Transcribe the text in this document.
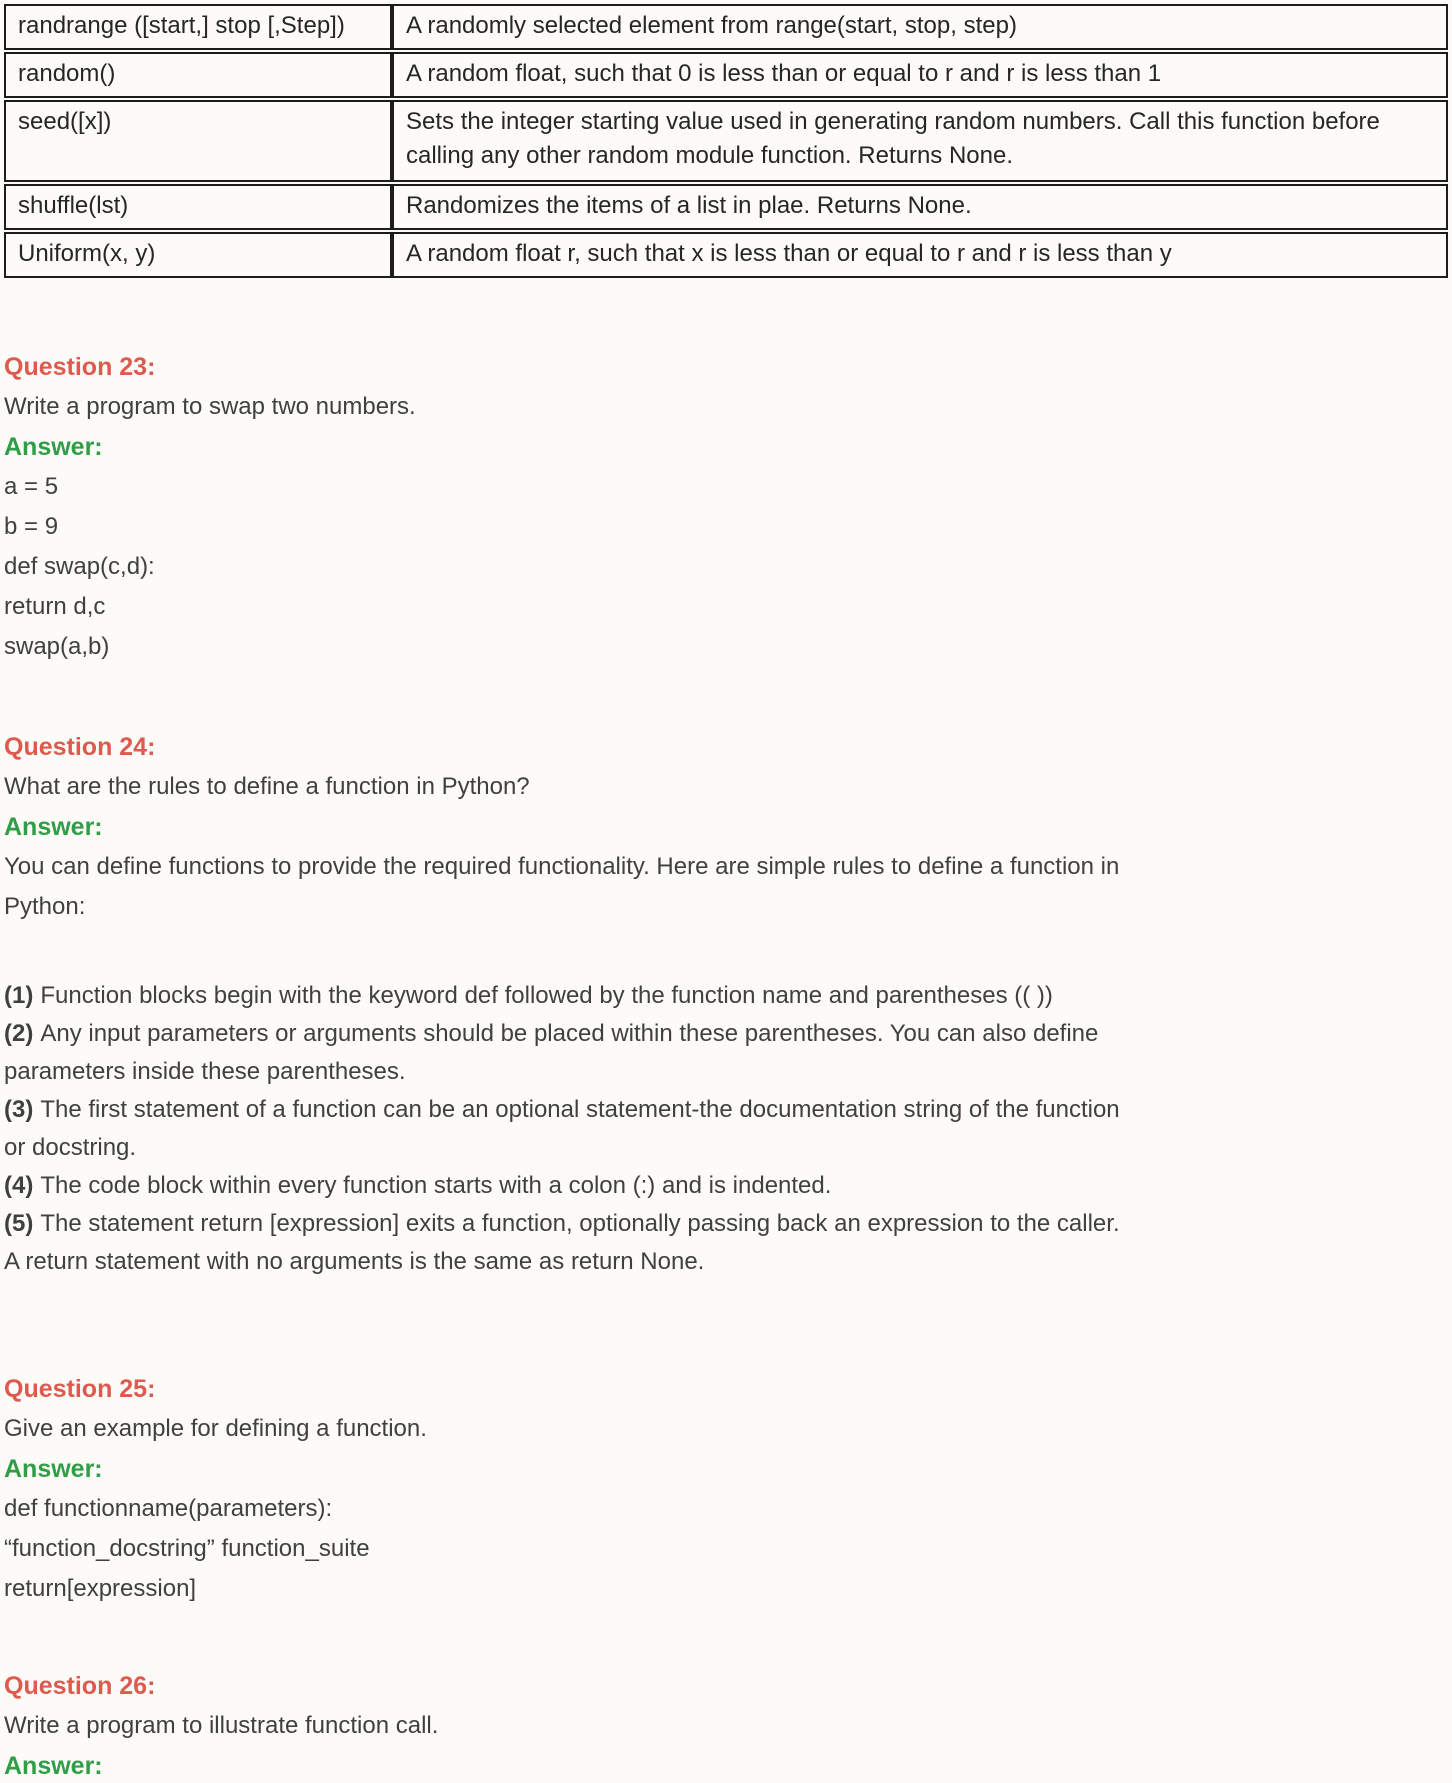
randrange ([start,] stop [,Step])	A randomly selected element from range(start, stop, step)
random()	A random float, such that 0 is less than or equal to r and r is less than 1
seed([x])	Sets the integer starting value used in generating random numbers. Call this function before calling any other random module function. Returns None.
shuffle(lst)	Randomizes the items of a list in plae. Returns None.
Uniform(x, y)	A random float r, such that x is less than or equal to r and r is less than y
Question 23:
Write a program to swap two numbers.
Answer:
a = 5
b = 9
def swap(c,d):
return d,c
swap(a,b)
Question 24:
What are the rules to define a function in Python?
Answer:
You can define functions to provide the required functionality. Here are simple rules to define a function in Python:
(1) Function blocks begin with the keyword def followed by the function name and parentheses (( ))
(2) Any input parameters or arguments should be placed within these parentheses. You can also define parameters inside these parentheses.
(3) The first statement of a function can be an optional statement-the documentation string of the function or docstring.
(4) The code block within every function starts with a colon (:) and is indented.
(5) The statement return [expression] exits a function, optionally passing back an expression to the caller. A return statement with no arguments is the same as return None.
Question 25:
Give an example for defining a function.
Answer:
def functionname(parameters):
“function_docstring” function_suite
return[expression]
Question 26:
Write a program to illustrate function call.
Answer:
